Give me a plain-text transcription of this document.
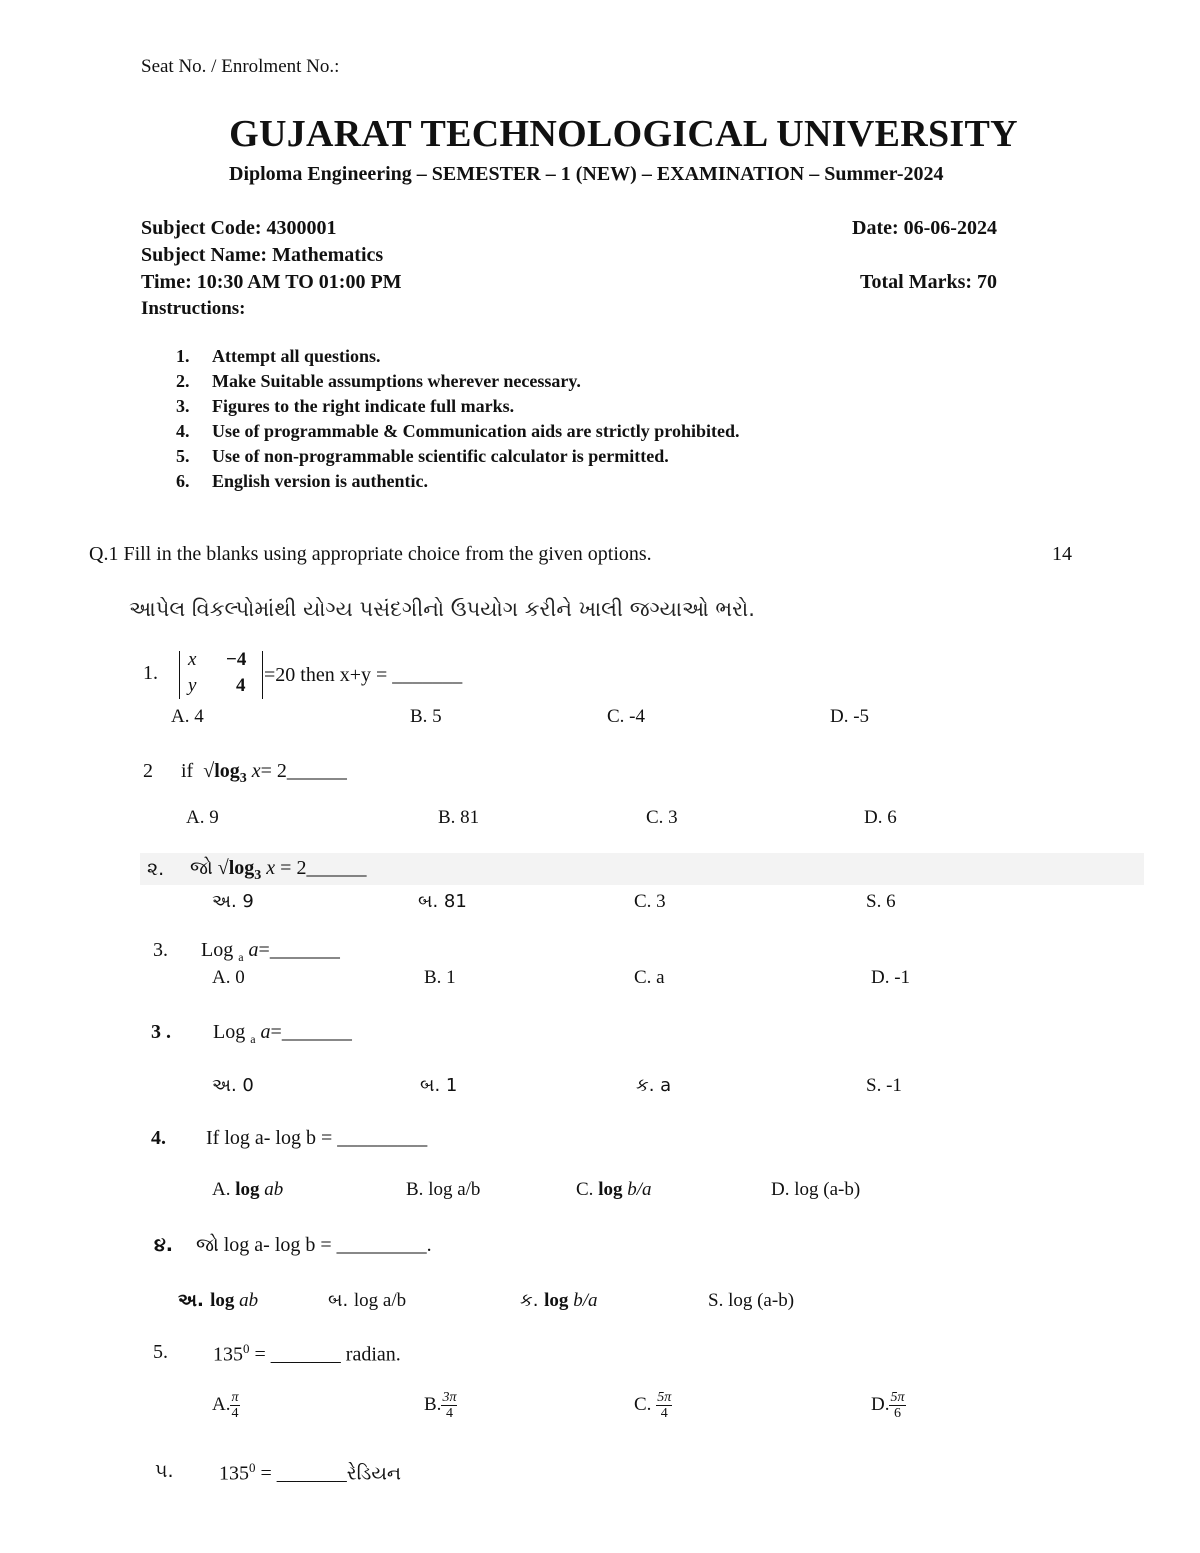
Seat No. / Enrolment No.:
GUJARAT TECHNOLOGICAL UNIVERSITY
Diploma Engineering – SEMESTER – 1 (NEW) – EXAMINATION – Summer-2024
Subject Code: 4300001	Date: 06-06-2024
Subject Name: Mathematics
Time: 10:30 AM TO 01:00 PM	Total Marks: 70
Instructions:
1. Attempt all questions.
2. Make Suitable assumptions wherever necessary.
3. Figures to the right indicate full marks.
4. Use of programmable & Communication aids are strictly prohibited.
5. Use of non-programmable scientific calculator is permitted.
6. English version is authentic.
Q.1 Fill in the blanks using appropriate choice from the given options.	14
આપેલ વિકલ્પોમાંથી યોગ્ય પસંદગીનો ઉપયોગ કરીને ખાલી જગ્યાઓ ભરો.
1.
x −4
y 4 =20 then x+y = _______
A. 4	B. 5	C. -4	D. -5
2 if $√\log_3$ x= 2______
A. 9	B. 81	C. 3	D. 6
૨. જો $√\log_3$ x = 2______
અ. 9	બ. 81	C. 3	S. 6
3. Log $_a$ a=_______
A. 0	B. 1	C. a	D. -1
3 . Log $_a$ a=_______
અ. 0	બ. 1	ક. a	S. -1
4. If log a- log b = _________
A. log ab	B. log a/b	C. log b/a	D. log (a-b)
૪. જો log a- log b = _________.
અ. log ab	બ. log a/b	ક. log b/a	S. log (a-b)
5. $135^0$ = _______ radian.
A. $\frac{\pi}{4}$	B. $\frac{3\pi}{4}$	C. $\frac{5\pi}{4}$	D. $\frac{5\pi}{6}$
૫. $135^0$ = _______રેડિયન
